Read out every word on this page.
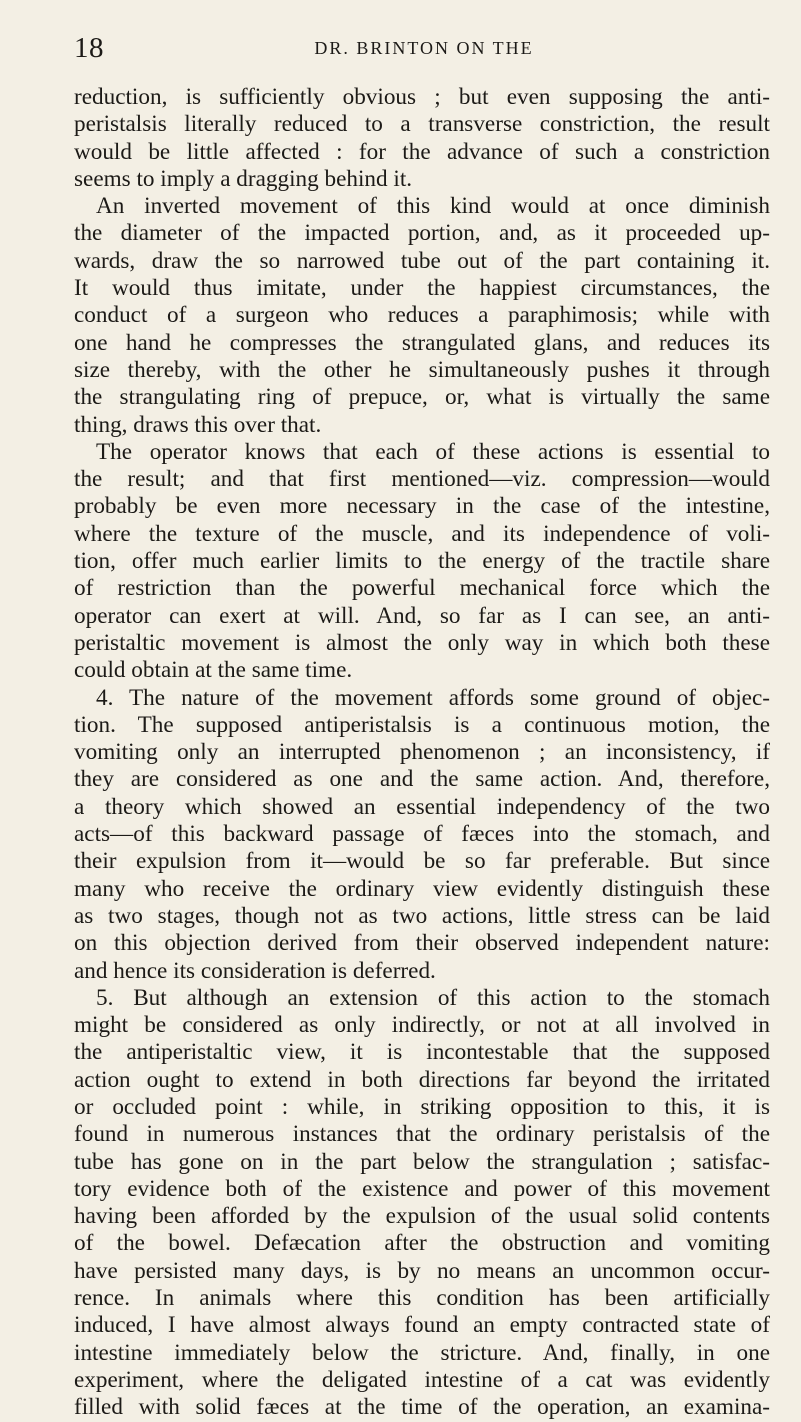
18	DR. BRINTON ON THE
reduction, is sufficiently obvious ; but even supposing the anti-
peristalsis literally reduced to a transverse constriction, the result
would be little affected : for the advance of such a constriction
seems to imply a dragging behind it.
An inverted movement of this kind would at once diminish
the diameter of the impacted portion, and, as it proceeded up-
wards, draw the so narrowed tube out of the part containing it.
It would thus imitate, under the happiest circumstances, the
conduct of a surgeon who reduces a paraphimosis; while with
one hand he compresses the strangulated glans, and reduces its
size thereby, with the other he simultaneously pushes it through
the strangulating ring of prepuce, or, what is virtually the same
thing, draws this over that.
The operator knows that each of these actions is essential to
the result; and that first mentioned—viz. compression—would
probably be even more necessary in the case of the intestine,
where the texture of the muscle, and its independence of voli-
tion, offer much earlier limits to the energy of the tractile share
of restriction than the powerful mechanical force which the
operator can exert at will. And, so far as I can see, an anti-
peristaltic movement is almost the only way in which both these
could obtain at the same time.
4. The nature of the movement affords some ground of objec-
tion. The supposed antiperistalsis is a continuous motion, the
vomiting only an interrupted phenomenon ; an inconsistency, if
they are considered as one and the same action. And, therefore,
a theory which showed an essential independency of the two
acts—of this backward passage of fæces into the stomach, and
their expulsion from it—would be so far preferable. But since
many who receive the ordinary view evidently distinguish these
as two stages, though not as two actions, little stress can be laid
on this objection derived from their observed independent nature:
and hence its consideration is deferred.
5. But although an extension of this action to the stomach
might be considered as only indirectly, or not at all involved in
the antiperistaltic view, it is incontestable that the supposed
action ought to extend in both directions far beyond the irritated
or occluded point : while, in striking opposition to this, it is
found in numerous instances that the ordinary peristalsis of the
tube has gone on in the part below the strangulation ; satisfac-
tory evidence both of the existence and power of this movement
having been afforded by the expulsion of the usual solid contents
of the bowel. Defæcation after the obstruction and vomiting
have persisted many days, is by no means an uncommon occur-
rence. In animals where this condition has been artificially
induced, I have almost always found an empty contracted state of
intestine immediately below the stricture. And, finally, in one
experiment, where the deligated intestine of a cat was evidently
filled with solid fæces at the time of the operation, an examina-
